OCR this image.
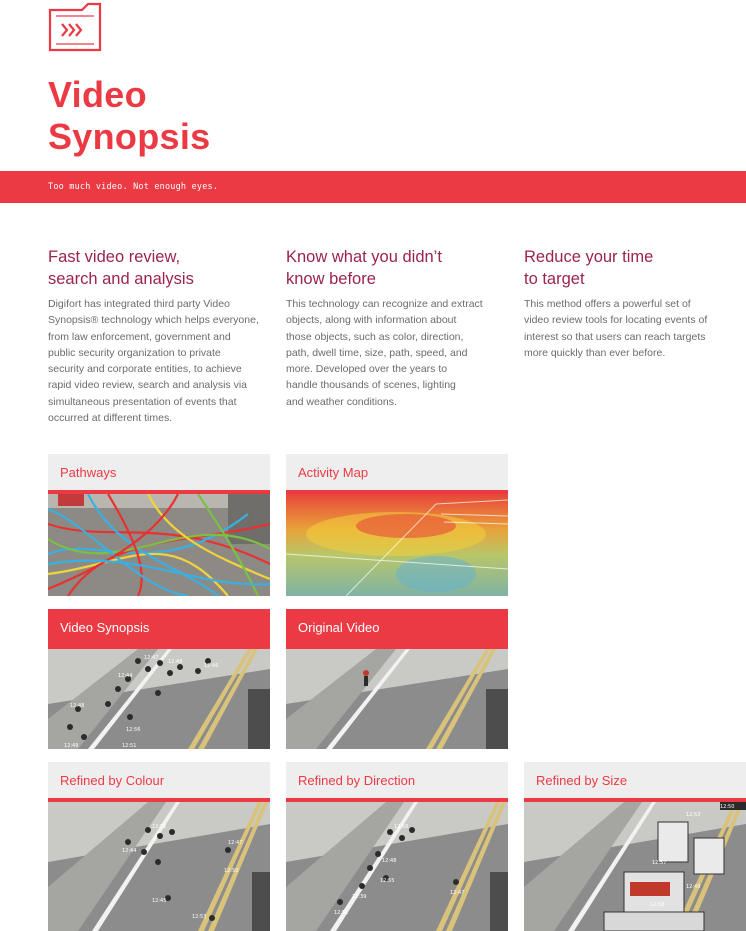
Video
Synopsis
Too much video. Not enough eyes.
Fast video review,
search and analysis

Digifort has integrated third party Video
Synopsis® technology which helps everyone,
from law enforcement, government and
public security organization to private
security and corporate entities, to achieve
rapid video review, search and analysis via
simultaneous presentation of events that
occurred at different times.

Know what you didn’t
know before

This technology can recognize and extract
objects, along with information about
those objects, such as color, direction,
path, dwell time, size, path, speed, and
more. Developed over the years to
handle thousands of scenes, lighting
and weather conditions.

Reduce your time
to target

This method offers a powerful set of
video review tools for locating events of
interest so that users can reach targets
more quickly than ever before.

Pathways	Activity Map
Video Synopsis
12:47
12:48
12:46
12:44
12:48
12:56
12:49	12:51
Original Video
Refined by Colour
12:52
12:44
12:47
12:50
12:45
12:53
Refined by Direction
12:56
12:48
12:55
12:39
12:47
12:51
Refined by Size
12:53
12:50
12:57
12:49
12:58
